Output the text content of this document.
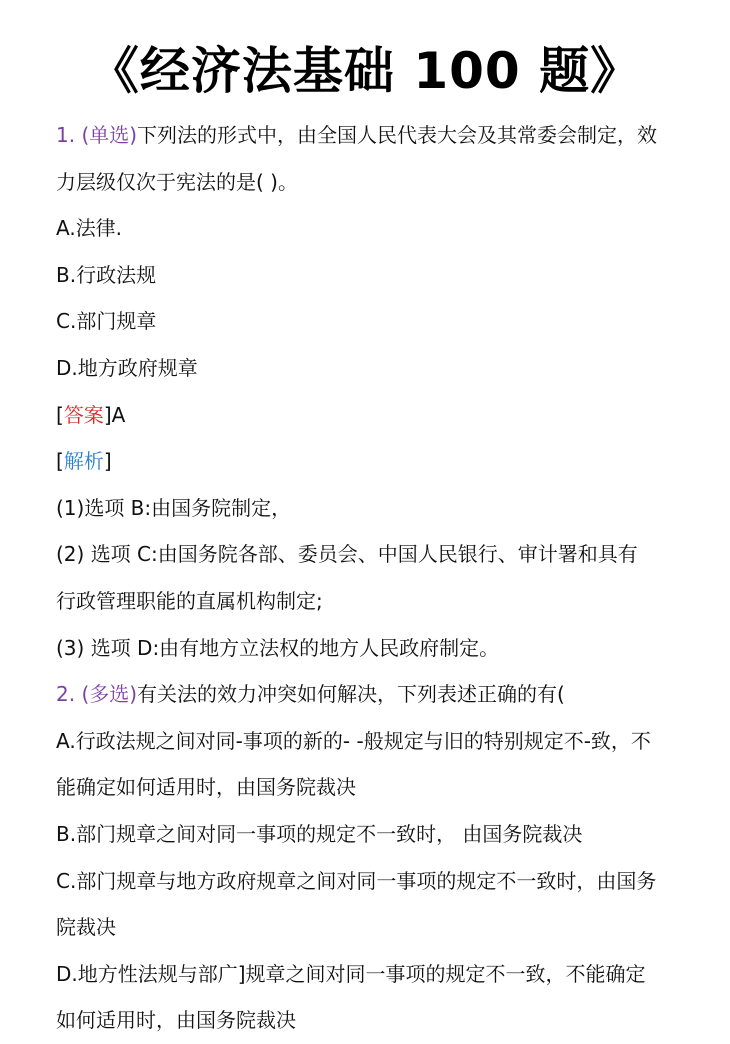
《经济法基础 100 题》
1. (单选)下列法的形式中，由全国人民代表大会及其常委会制定，效
力层级仅次于宪法的是( )。
A.法律.
B.行政法规
C.部门规章
D.地方政府规章
[答案]A
[解析]
(1)选项 B:由国务院制定，
(2) 选项 C:由国务院各部、委员会、中国人民银行、审计署和具有
行政管理职能的直属机构制定;
(3) 选项 D:由有地方立法权的地方人民政府制定。
2. (多选)有关法的效力冲突如何解决，下列表述正确的有(
A.行政法规之间对同-事项的新的- -般规定与旧的特别规定不-致，不
能确定如何适用时，由国务院裁决
B.部门规章之间对同一事项的规定不一致时， 由国务院裁决
C.部门规章与地方政府规章之间对同一事项的规定不一致时，由国务
院裁决
D.地方性法规与部广]规章之间对同一事项的规定不一致，不能确定
如何适用时，由国务院裁决
